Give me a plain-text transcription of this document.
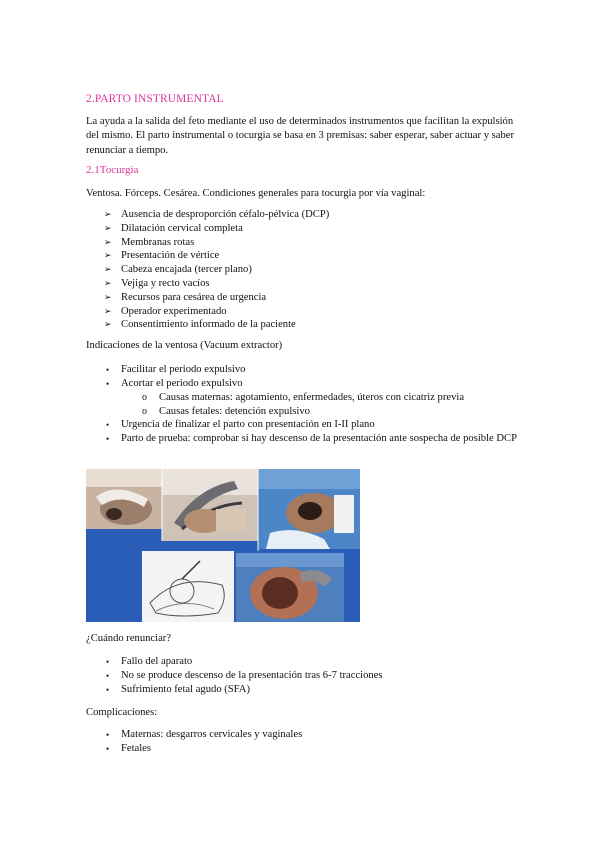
2.PARTO INSTRUMENTAL
La ayuda a la salida del feto mediante el uso de determinados instrumentos que facilitan la expulsión del mismo. El parto instrumental o tocurgia se basa en 3 premisas: saber esperar, saber actuar y saber renunciar a tiempo.
2.1Tocurgia
Ventosa. Fórceps. Cesárea. Condiciones generales para tocurgia por vía vaginal:
➢ Ausencia de desproporción céfalo-pélvica (DCP)
➢ Dilatación cervical completa
➢ Membranas rotas
➢ Presentación de vértice
➢ Cabeza encajada (tercer plano)
➢ Vejiga y recto vacíos
➢ Recursos para cesárea de urgencia
➢ Operador experimentado
➢ Consentimiento informado de la paciente
Indicaciones de la ventosa (Vacuum extractor)
• Facilitar el periodo expulsivo
• Acortar el periodo expulsivo
o Causas maternas: agotamiento, enfermedades, úteros con cicatriz previa
o Causas fetales: detención expulsivo
• Urgencia de finalizar el parto con presentación en I-II plano
• Parto de prueba: comprobar si hay descenso de la presentación ante sospecha de posible DCP
¿Cuándo renunciar?
• Fallo del aparato
• No se produce descenso de la presentación tras 6-7 tracciones
• Sufrimiento fetal agudo (SFA)
Complicaciones:
• Maternas: desgarros cervicales y vaginales
• Fetales
